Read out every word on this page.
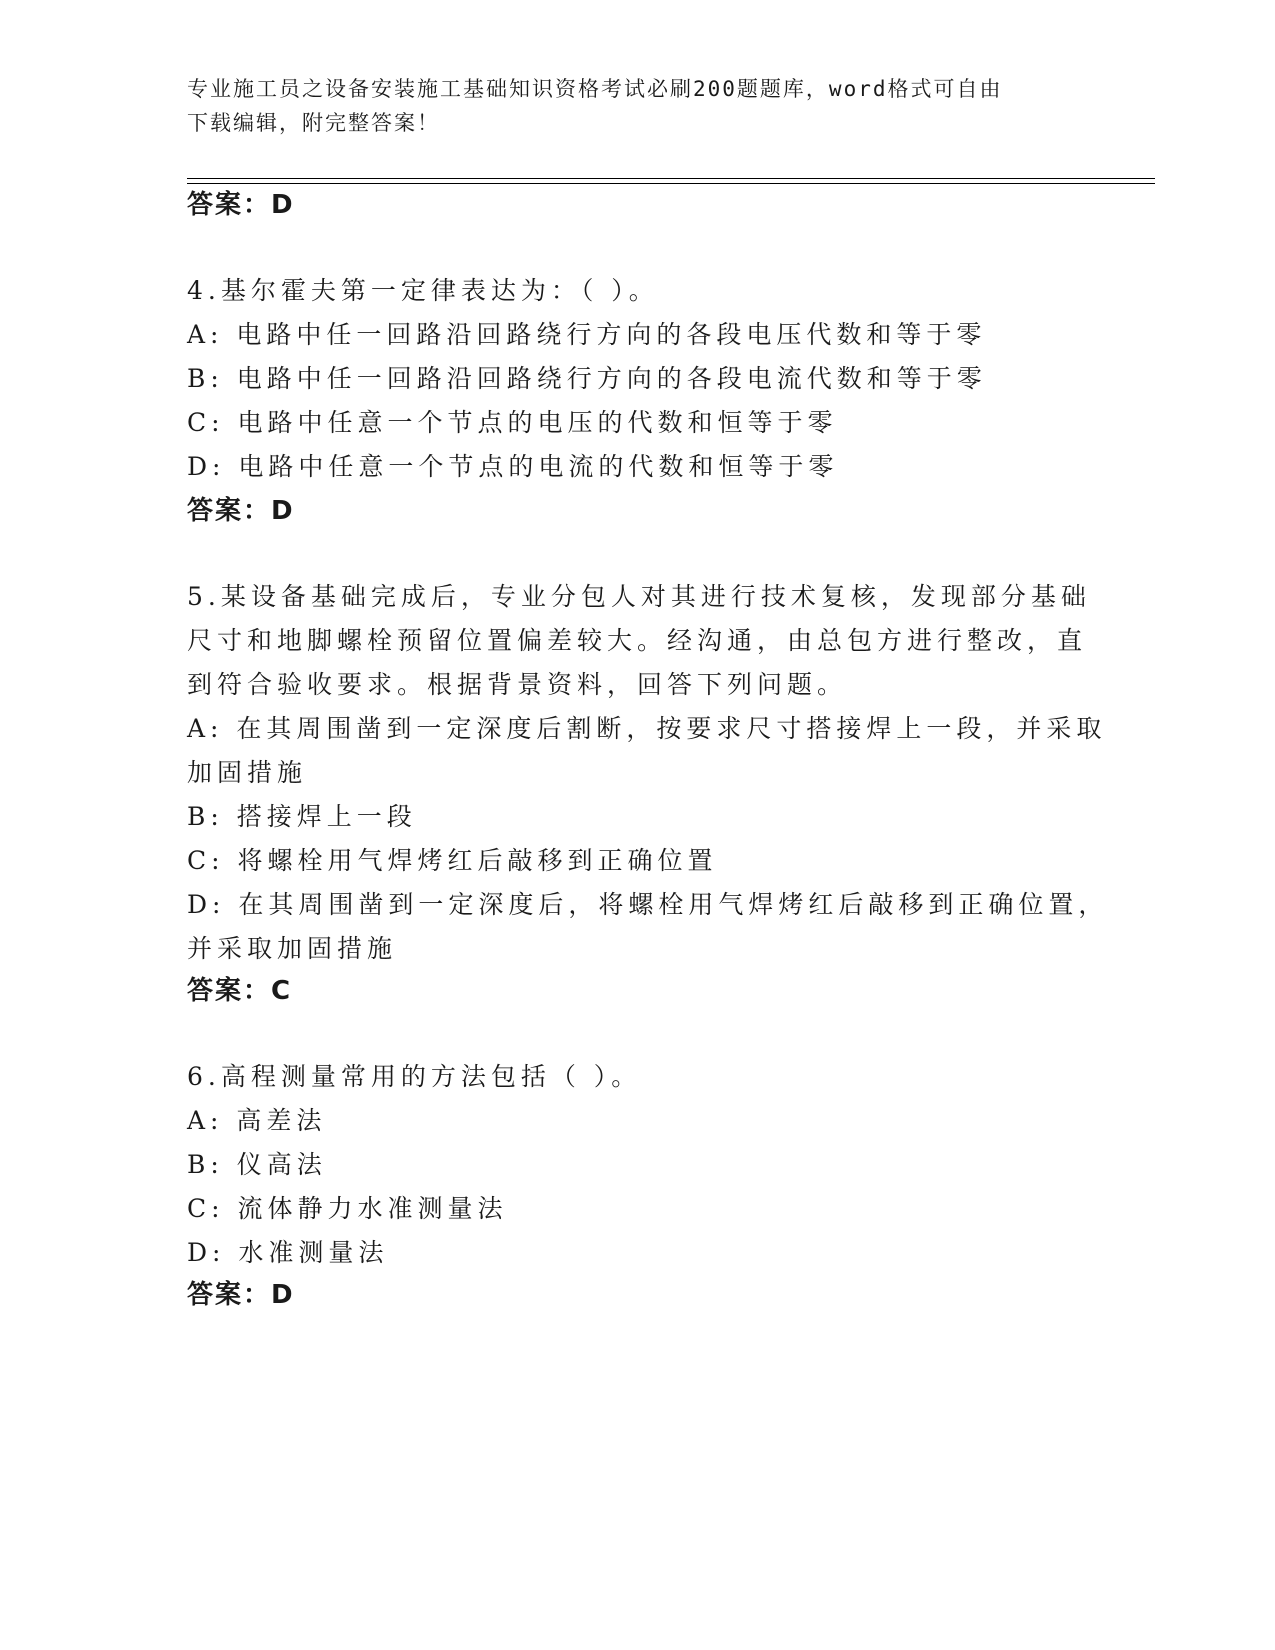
专业施工员之设备安装施工基础知识资格考试必刷200题题库，word格式可自由
下载编辑，附完整答案！
答案：D
4.基尔霍夫第一定律表达为：（ ）。
A: 电路中任一回路沿回路绕行方向的各段电压代数和等于零
B: 电路中任一回路沿回路绕行方向的各段电流代数和等于零
C: 电路中任意一个节点的电压的代数和恒等于零
D: 电路中任意一个节点的电流的代数和恒等于零
答案：D
5.某设备基础完成后，专业分包人对其进行技术复核，发现部分基础
尺寸和地脚螺栓预留位置偏差较大。经沟通，由总包方进行整改，直
到符合验收要求。根据背景资料，回答下列问题。
A: 在其周围凿到一定深度后割断，按要求尺寸搭接焊上一段，并采取
加固措施
B: 搭接焊上一段
C: 将螺栓用气焊烤红后敲移到正确位置
D: 在其周围凿到一定深度后，将螺栓用气焊烤红后敲移到正确位置，
并采取加固措施
答案：C
6.高程测量常用的方法包括（ ）。
A: 高差法
B: 仪高法
C: 流体静力水准测量法
D: 水准测量法
答案：D
